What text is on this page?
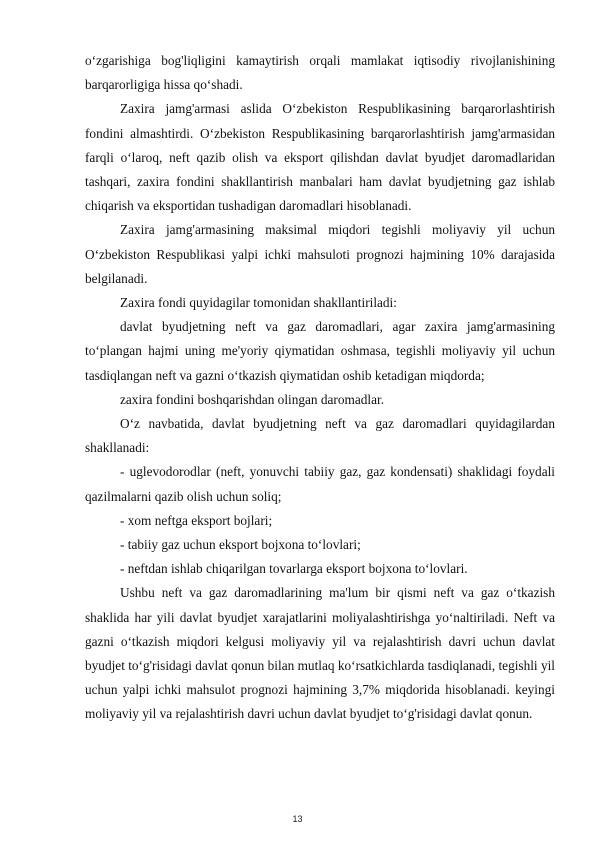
o‘zgarishiga bog'liqligini kamaytirish orqali mamlakat iqtisodiy rivojlanishining barqarorligiga hissa qo‘shadi.

Zaxira jamg'armasi aslida O‘zbekiston Respublikasining barqarorlashtirish fondini almashtirdi. O‘zbekiston Respublikasining barqarorlashtirish jamg'armasidan farqli o‘laroq, neft qazib olish va eksport qilishdan davlat byudjet daromadlaridan tashqari, zaxira fondini shakllantirish manbalari ham davlat byudjetning gaz ishlab chiqarish va eksportidan tushadigan daromadlari hisoblanadi.

Zaxira jamg'armasining maksimal miqdori tegishli moliyaviy yil uchun O‘zbekiston Respublikasi yalpi ichki mahsuloti prognozi hajmining 10% darajasida belgilanadi.

Zaxira fondi quyidagilar tomonidan shakllantiriladi:

davlat byudjetning neft va gaz daromadlari, agar zaxira jamg'armasining to‘plangan hajmi uning me'yoriy qiymatidan oshmasa, tegishli moliyaviy yil uchun tasdiqlangan neft va gazni o‘tkazish qiymatidan oshib ketadigan miqdorda;

zaxira fondini boshqarishdan olingan daromadlar.

O‘z navbatida, davlat byudjetning neft va gaz daromadlari quyidagilardan shakllanadi:

- uglevodorodlar (neft, yonuvchi tabiiy gaz, gaz kondensati) shaklidagi foydali qazilmalarni qazib olish uchun soliq;

- xom neftga eksport bojlari;

- tabiiy gaz uchun eksport bojxona to‘lovlari;

- neftdan ishlab chiqarilgan tovarlarga eksport bojxona to‘lovlari.

Ushbu neft va gaz daromadlarining ma'lum bir qismi neft va gaz o‘tkazish shaklida har yili davlat byudjet xarajatlarini moliyalashtirishga yo‘naltiriladi. Neft va gazni o‘tkazish miqdori kelgusi moliyaviy yil va rejalashtirish davri uchun davlat byudjet to‘g'risidagi davlat qonun bilan mutlaq ko‘rsatkichlarda tasdiqlanadi, tegishli yil uchun yalpi ichki mahsulot prognozi hajmining 3,7% miqdorida hisoblanadi. keyingi moliyaviy yil va rejalashtirish davri uchun davlat byudjet to‘g'risidagi davlat qonun.

13
